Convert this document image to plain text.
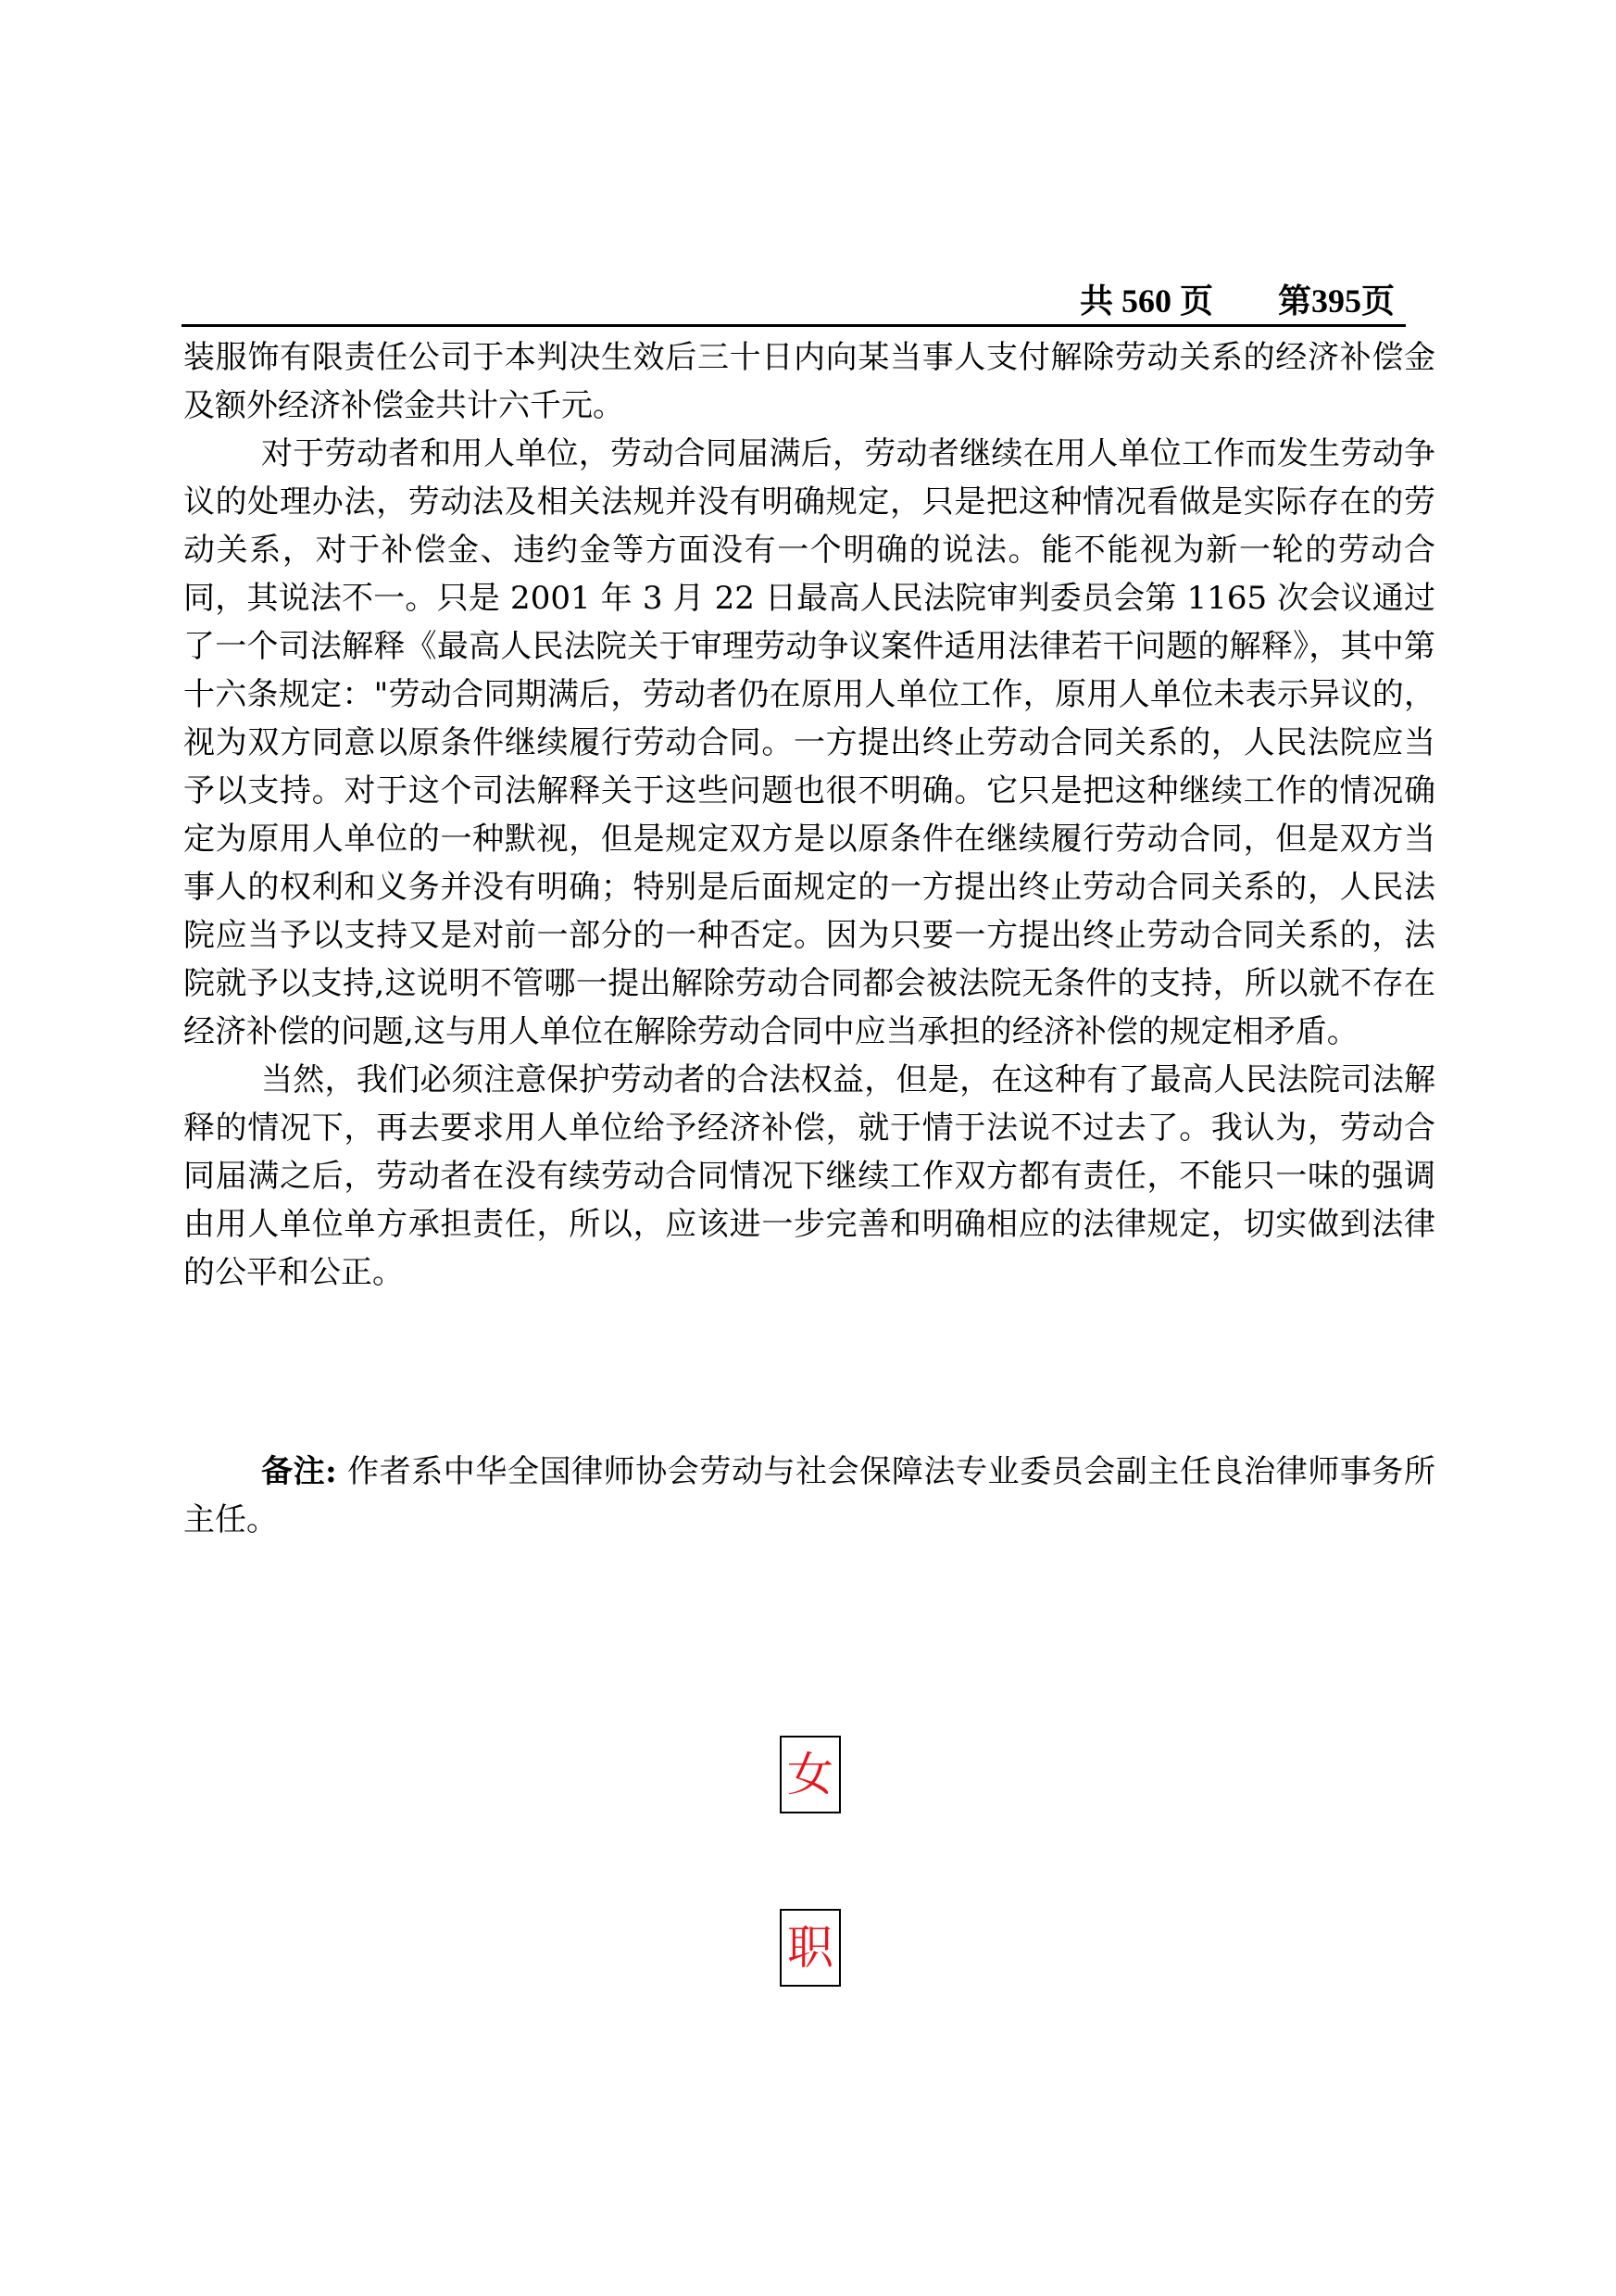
共 560 页 第395页

装服饰有限责任公司于本判决生效后三十日内向某当事人支付解除劳动关系的经济补偿金及额外经济补偿金共计六千元。

对于劳动者和用人单位，劳动合同届满后，劳动者继续在用人单位工作而发生劳动争议的处理办法，劳动法及相关法规并没有明确规定，只是把这种情况看做是实际存在的劳动关系，对于补偿金、违约金等方面没有一个明确的说法。能不能视为新一轮的劳动合同，其说法不一。只是 2001 年 3 月 22 日最高人民法院审判委员会第 1165 次会议通过了一个司法解释《最高人民法院关于审理劳动争议案件适用法律若干问题的解释》，其中第十六条规定："劳动合同期满后，劳动者仍在原用人单位工作，原用人单位未表示异议的，视为双方同意以原条件继续履行劳动合同。一方提出终止劳动合同关系的，人民法院应当予以支持。对于这个司法解释关于这些问题也很不明确。它只是把这种继续工作的情况确定为原用人单位的一种默视，但是规定双方是以原条件在继续履行劳动合同，但是双方当事人的权利和义务并没有明确；特别是后面规定的一方提出终止劳动合同关系的，人民法院应当予以支持又是对前一部分的一种否定。因为只要一方提出终止劳动合同关系的，法院就予以支持,这说明不管哪一提出解除劳动合同都会被法院无条件的支持，所以就不存在经济补偿的问题,这与用人单位在解除劳动合同中应当承担的经济补偿的规定相矛盾。

当然，我们必须注意保护劳动者的合法权益，但是，在这种有了最高人民法院司法解释的情况下，再去要求用人单位给予经济补偿，就于情于法说不过去了。我认为，劳动合同届满之后，劳动者在没有续劳动合同情况下继续工作双方都有责任，不能只一味的强调由用人单位单方承担责任，所以，应该进一步完善和明确相应的法律规定，切实做到法律的公平和公正。

备注: 作者系中华全国律师协会劳动与社会保障法专业委员会副主任良治律师事务所主任。

女
职
